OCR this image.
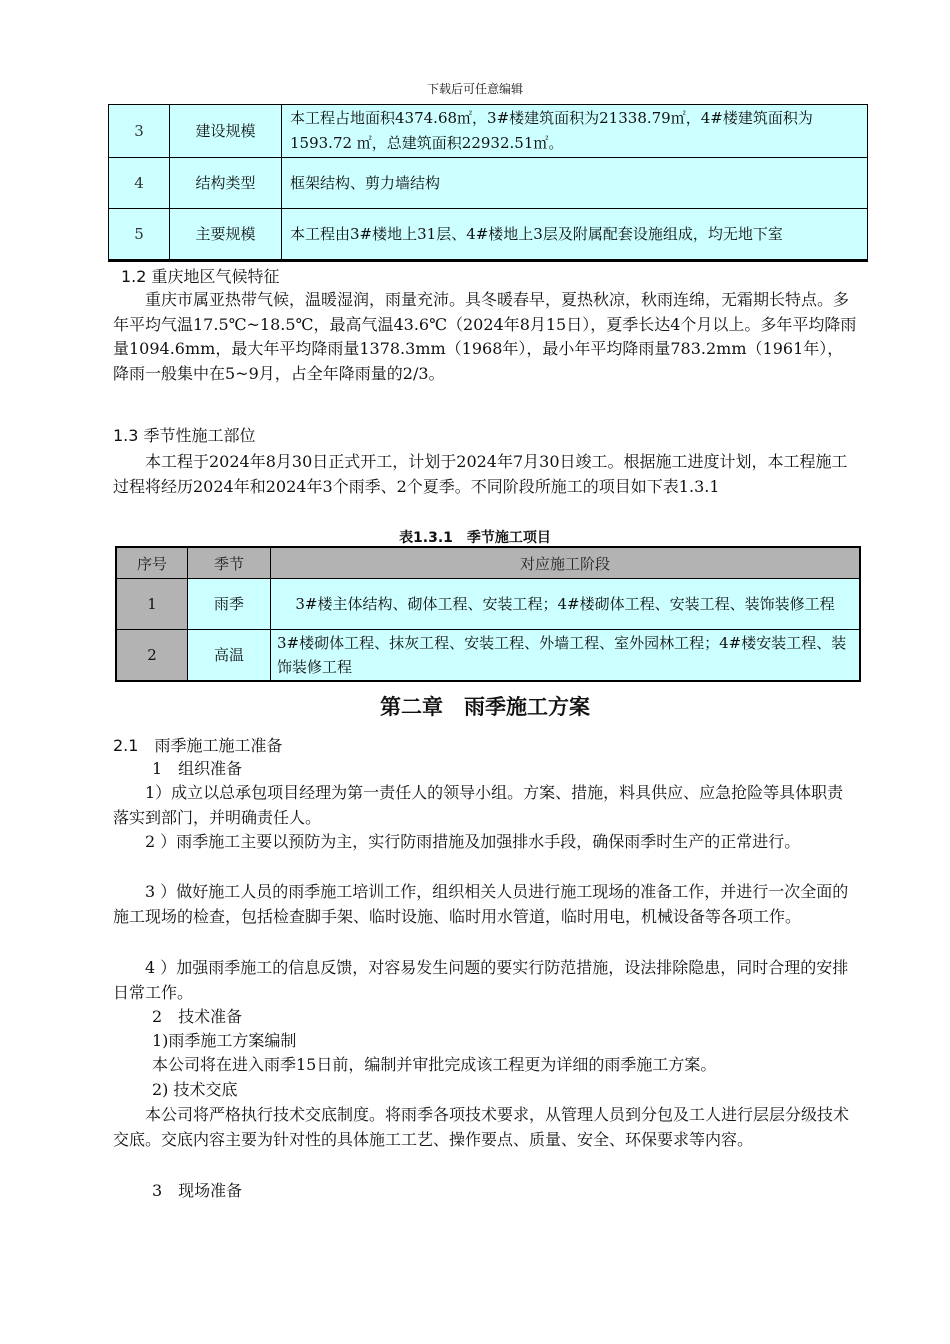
下载后可任意编辑
3	建设规模	本工程占地面积4374.68㎡，3#楼建筑面积为21338.79㎡，4#楼建筑面积为1593.72 ㎡，总建筑面积22932.51㎡。
4	结构类型	框架结构、剪力墙结构
5	主要规模	本工程由3#楼地上31层、4#楼地上3层及附属配套设施组成，均无地下室
1.2 重庆地区气候特征
重庆市属亚热带气候，温暖湿润，雨量充沛。具冬暖春早，夏热秋凉，秋雨连绵，无霜期长特点。多年平均气温17.5℃~18.5℃，最高气温43.6℃（2024年8月15日），夏季长达4个月以上。多年平均降雨量1094.6mm，最大年平均降雨量1378.3mm（1968年），最小年平均降雨量783.2mm（1961年），降雨一般集中在5~9月，占全年降雨量的2/3。
1.3 季节性施工部位
本工程于2024年8月30日正式开工，计划于2024年7月30日竣工。根据施工进度计划，本工程施工过程将经历2024年和2024年3个雨季、2个夏季。不同阶段所施工的项目如下表1.3.1
表1.3.1　季节施工项目
序号	季节	对应施工阶段
1	雨季	3#楼主体结构、砌体工程、安装工程；4#楼砌体工程、安装工程、装饰装修工程
2	高温	3#楼砌体工程、抹灰工程、安装工程、外墙工程、室外园林工程；4#楼安装工程、装饰装修工程
第二章　雨季施工方案
2.1　雨季施工施工准备
1　组织准备
1）成立以总承包项目经理为第一责任人的领导小组。方案、措施，料具供应、应急抢险等具体职责落实到部门，并明确责任人。
2 ）雨季施工主要以预防为主，实行防雨措施及加强排水手段，确保雨季时生产的正常进行。
3 ）做好施工人员的雨季施工培训工作，组织相关人员进行施工现场的准备工作，并进行一次全面的施工现场的检查，包括检查脚手架、临时设施、临时用水管道，临时用电，机械设备等各项工作。
4 ）加强雨季施工的信息反馈，对容易发生问题的要实行防范措施，设法排除隐患，同时合理的安排日常工作。
2　技术准备
1)雨季施工方案编制
本公司将在进入雨季15日前，编制并审批完成该工程更为详细的雨季施工方案。
2) 技术交底
本公司将严格执行技术交底制度。将雨季各项技术要求，从管理人员到分包及工人进行层层分级技术交底。交底内容主要为针对性的具体施工工艺、操作要点、质量、安全、环保要求等内容。
3　现场准备
